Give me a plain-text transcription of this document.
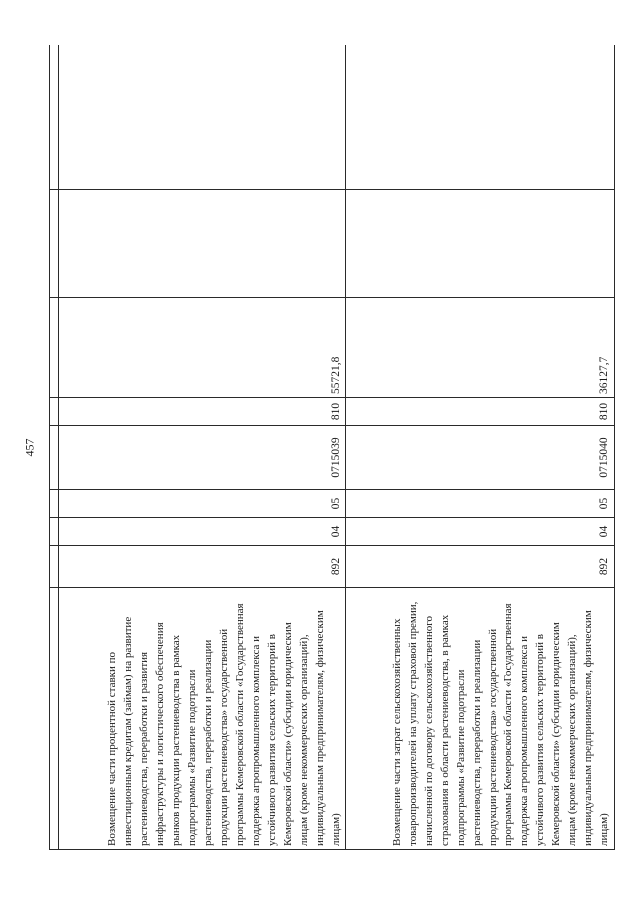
457

Возмещение части процентной ставки по инвестиционным кредитам (займам) на развитие растениеводства, переработки и развития инфраструктуры и логистического обеспечения рынков продукции растениеводства в рамках подпрограммы «Развитие подотрасли растениеводства, переработки и реализации продукции растениеводства» государственной программы Кемеровской области «Государственная поддержка агропромышленного комплекса и устойчивого развития сельских территорий в Кемеровской области» (субсидии юридическим лицам (кроме некоммерческих организаций), индивидуальным предпринимателям, физическим лицам)	892	04	05	0715039	810	55721,8		
Возмещение части затрат сельскохозяйственных товаропроизводителей на уплату страховой премии, начисленной по договору сельскохозяйственного страхования в области растениеводства, в рамках подпрограммы «Развитие подотрасли растениеводства, переработки и реализации продукции растениеводства» государственной программы Кемеровской области «Государственная поддержка агропромышленного комплекса и устойчивого развития сельских территорий в Кемеровской области» (субсидии юридическим лицам (кроме некоммерческих организаций), индивидуальным предпринимателям, физическим лицам)	892	04	05	0715040	810	36127,7		
